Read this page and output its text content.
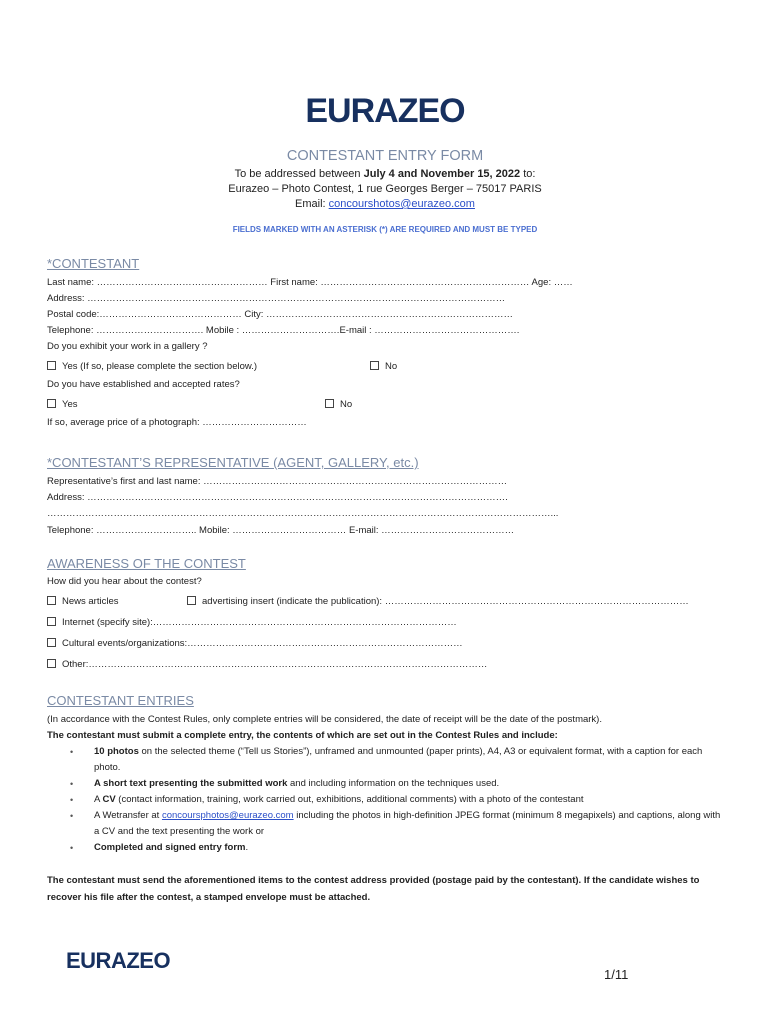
EURAZEO
CONTESTANT ENTRY FORM
To be addressed between July 4 and November 15, 2022 to:
Eurazeo – Photo Contest, 1 rue Georges Berger – 75017 PARIS
Email: concourshotos@eurazeo.com
FIELDS MARKED WITH AN ASTERISK (*) ARE REQUIRED AND MUST BE TYPED
*CONTESTANT
Last name: ……………………………………………… First name: ………………………………………………………… Age: ……
Address: ……………………………………………………………………………………………………………………
Postal code:……………………………………… City: ……………………………………………………………………
Telephone: ……………………………. Mobile : ………………………….E-mail : ……………………………………….
Do you exhibit your work in a gallery ?
Yes (If so, please complete the section below.)	No
Do you have established and accepted rates?
Yes	No
If so, average price of a photograph: ……………………………
*CONTESTANT’S REPRESENTATIVE (AGENT, GALLERY, etc.)
Representative’s first and last name: ……………………………………………………………………………………
Address: …………………………………………………………………………………………………………………….
……………………………………………………………………………………………………………………………………………...
Telephone: ………………………….. Mobile: ……………………………… E-mail: ……………………………………
AWARENESS OF THE CONTEST
How did you hear about the contest?
News articles	advertising insert (indicate the publication): ……………………………………………………………………………………
Internet (specify site):……………………………………………………………………………………
Cultural events/organizations:……………………………………………………………………………
Other:………………………………………………………………………………………………………………
CONTESTANT ENTRIES
(In accordance with the Contest Rules, only complete entries will be considered, the date of receipt will be the date of the postmark).
The contestant must submit a complete entry, the contents of which are set out in the Contest Rules and include:
• 10 photos on the selected theme (“Tell us Stories”), unframed and unmounted (paper prints), A4, A3 or equivalent format, with a caption for each photo.
• A short text presenting the submitted work and including information on the techniques used.
• A CV (contact information, training, work carried out, exhibitions, additional comments) with a photo of the contestant
• A Wetransfer at concoursphotos@eurazeo.com including the photos in high-definition JPEG format (minimum 8 megapixels) and captions, along with a CV and the text presenting the work or
• Completed and signed entry form.
The contestant must send the aforementioned items to the contest address provided (postage paid by the contestant). If the candidate wishes to recover his file after the contest, a stamped envelope must be attached.
EURAZEO
1/11
